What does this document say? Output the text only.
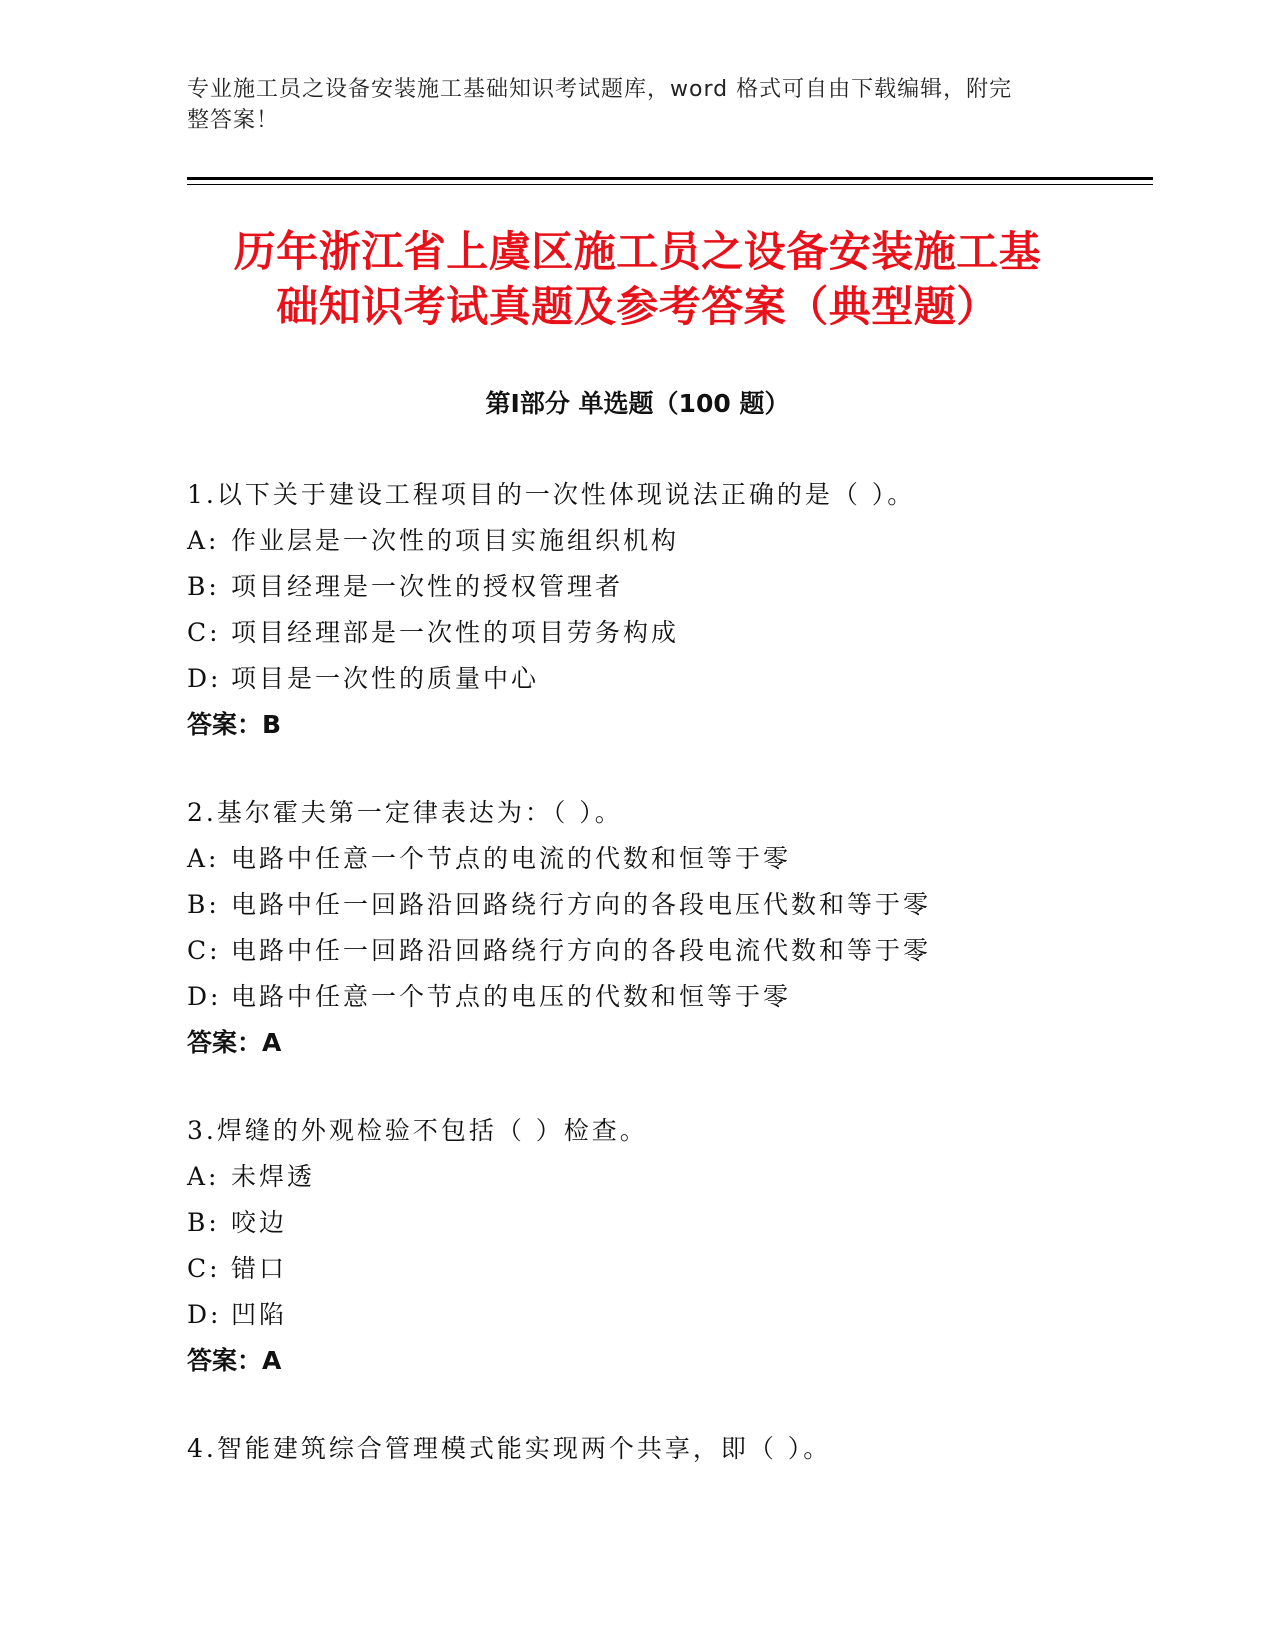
专业施工员之设备安装施工基础知识考试题库，word 格式可自由下载编辑，附完
整答案！
历年浙江省上虞区施工员之设备安装施工基
础知识考试真题及参考答案（典型题）
第Ⅰ部分 单选题（100 题）
1.以下关于建设工程项目的一次性体现说法正确的是（ ）。
A: 作业层是一次性的项目实施组织机构
B: 项目经理是一次性的授权管理者
C: 项目经理部是一次性的项目劳务构成
D: 项目是一次性的质量中心
答案：B
2.基尔霍夫第一定律表达为：（ ）。
A: 电路中任意一个节点的电流的代数和恒等于零
B: 电路中任一回路沿回路绕行方向的各段电压代数和等于零
C: 电路中任一回路沿回路绕行方向的各段电流代数和等于零
D: 电路中任意一个节点的电压的代数和恒等于零
答案：A
3.焊缝的外观检验不包括（ ）检查。
A: 未焊透
B: 咬边
C: 错口
D: 凹陷
答案：A
4.智能建筑综合管理模式能实现两个共享，即（ ）。
